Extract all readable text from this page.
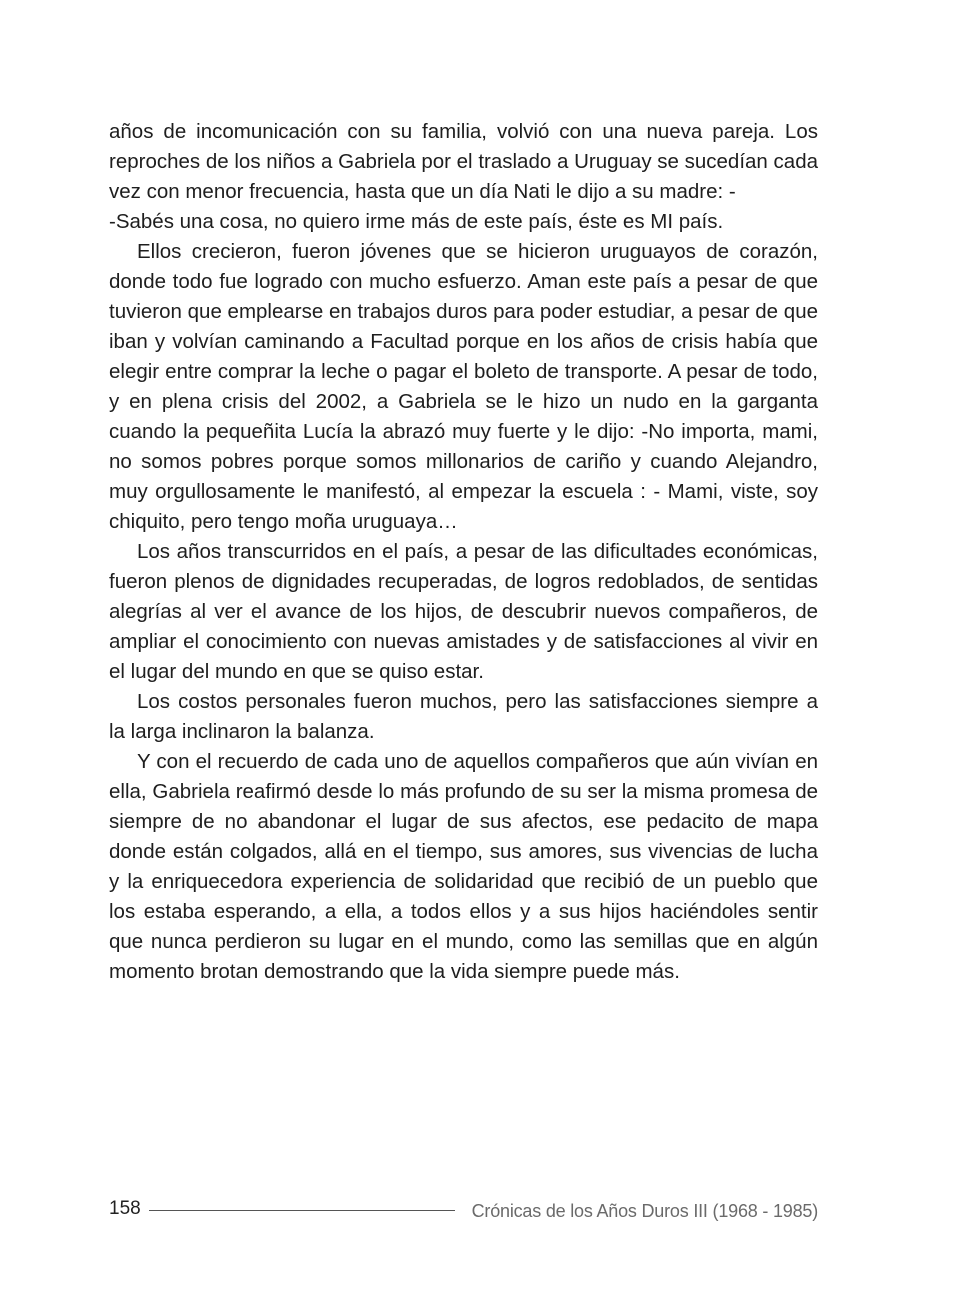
años de incomunicación con su familia, volvió con una nueva pareja. Los reproches de los niños a Gabriela por el traslado a Uruguay se sucedían cada vez con menor frecuencia, hasta que un día Nati le dijo a su madre: -

-Sabés una cosa, no quiero irme más de este país, éste es MI país.

Ellos crecieron, fueron jóvenes que se hicieron uruguayos de corazón, donde todo fue logrado con mucho esfuerzo. Aman este país a pesar de que tuvieron que emplearse en trabajos duros para poder estudiar, a pesar de que iban y volvían caminando a Facultad porque en los años de crisis había que elegir entre comprar la leche o pagar el boleto de transporte. A pesar de todo, y en plena crisis del 2002, a Gabriela se le hizo un nudo en la garganta cuando la pequeñita Lucía la abrazó muy fuerte y le dijo: -No importa, mami, no somos pobres porque somos millonarios de cariño y cuando Alejandro, muy orgullosamente le manifestó, al empezar la escuela : - Mami, viste, soy chiquito, pero tengo moña uruguaya…

Los años transcurridos en el país, a pesar de las dificultades económicas, fueron plenos de dignidades recuperadas, de logros redoblados, de sentidas alegrías al ver el avance de los hijos, de descubrir nuevos compañeros, de ampliar el conocimiento con nuevas amistades y de satisfacciones al vivir en el lugar del mundo en que se quiso estar.

Los costos personales fueron muchos, pero las satisfacciones siempre a la larga inclinaron la balanza.

Y con el recuerdo de cada uno de aquellos compañeros que aún vivían en ella, Gabriela reafirmó desde lo más profundo de su ser la misma promesa de siempre de no abandonar el lugar de sus afectos, ese pedacito de mapa donde están colgados, allá en el tiempo, sus amores, sus vivencias de lucha y la enriquecedora experiencia de solidaridad que recibió de un pueblo que los estaba esperando, a ella, a todos ellos y a sus hijos haciéndoles sentir que nunca perdieron su lugar en el mundo, como las semillas que en algún momento brotan demostrando que la vida siempre puede más.

158	Crónicas de los Años Duros III (1968 - 1985)
